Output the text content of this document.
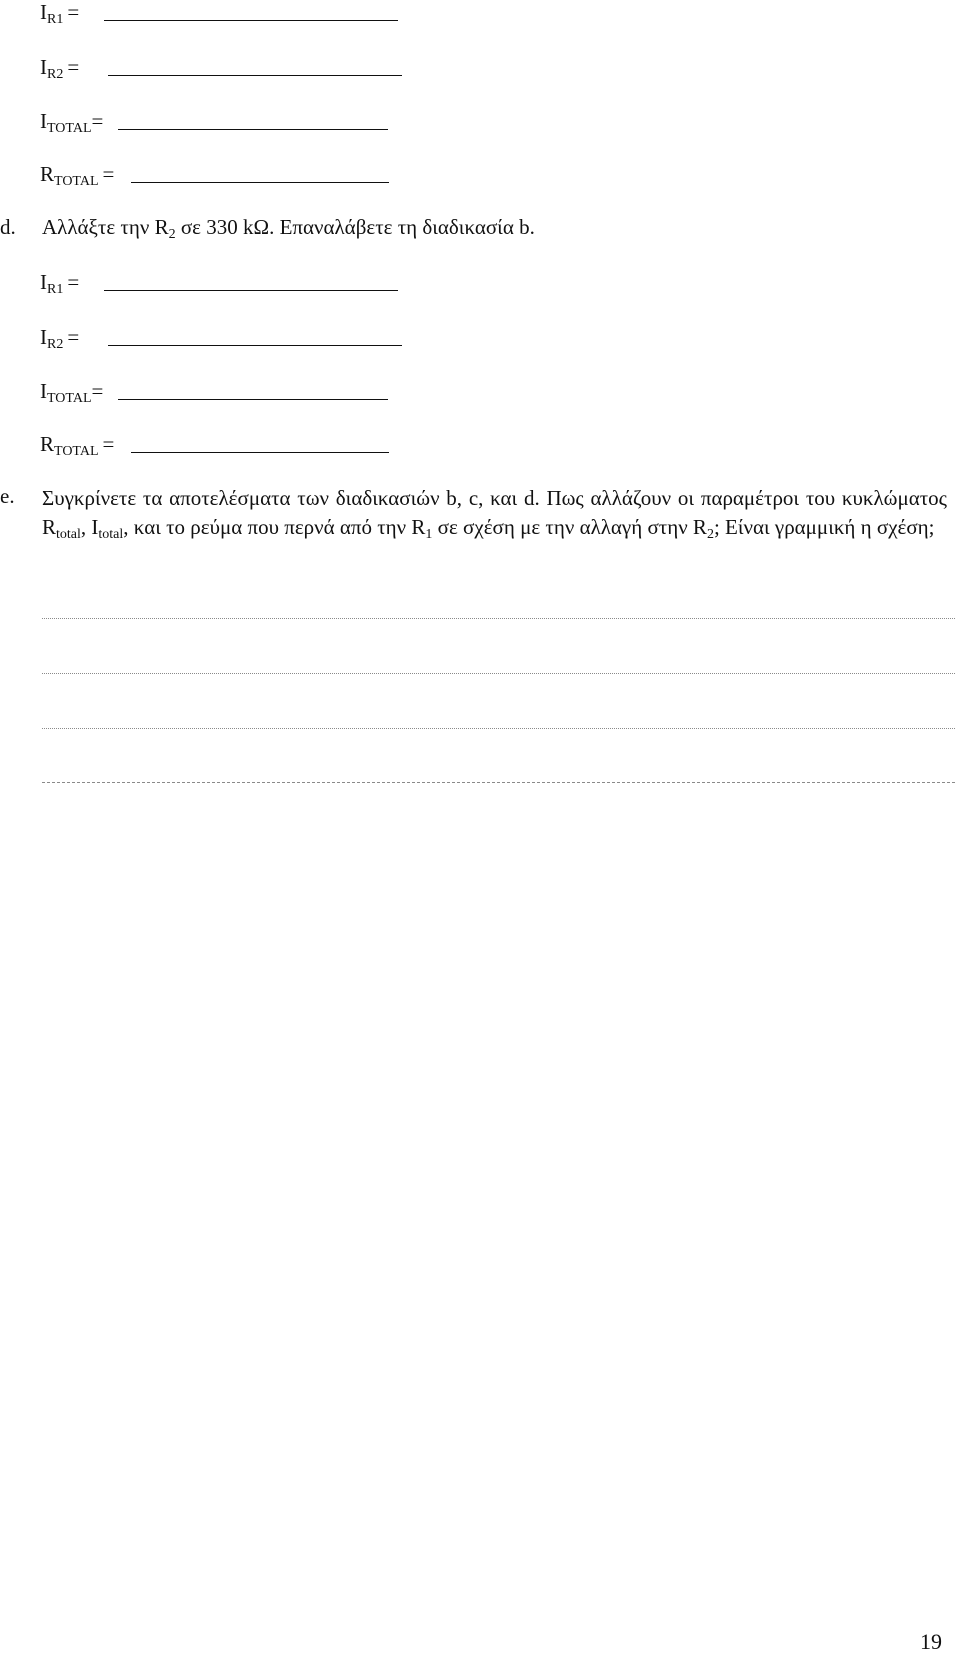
$I_{R1}$ =
$I_{R2}$ =
$I_{TOTAL}=$
$R_{TOTAL}$ =
d. Αλλάξτε την $R_2$ σε 330 kΩ. Επαναλάβετε τη διαδικασία b.
$I_{R1}$ =
$I_{R2}$ =
$I_{TOTAL}=$
$R_{TOTAL}$ =
e. Συγκρίνετε τα αποτελέσματα των διαδικασιών b, c, και d. Πως αλλάζουν οι παραμέτροι του κυκλώματος Rtotal, Itotal, και το ρεύμα που περνά από την R1 σε σχέση με την αλλαγή στην R2; Είναι γραμμική η σχέση;
19
